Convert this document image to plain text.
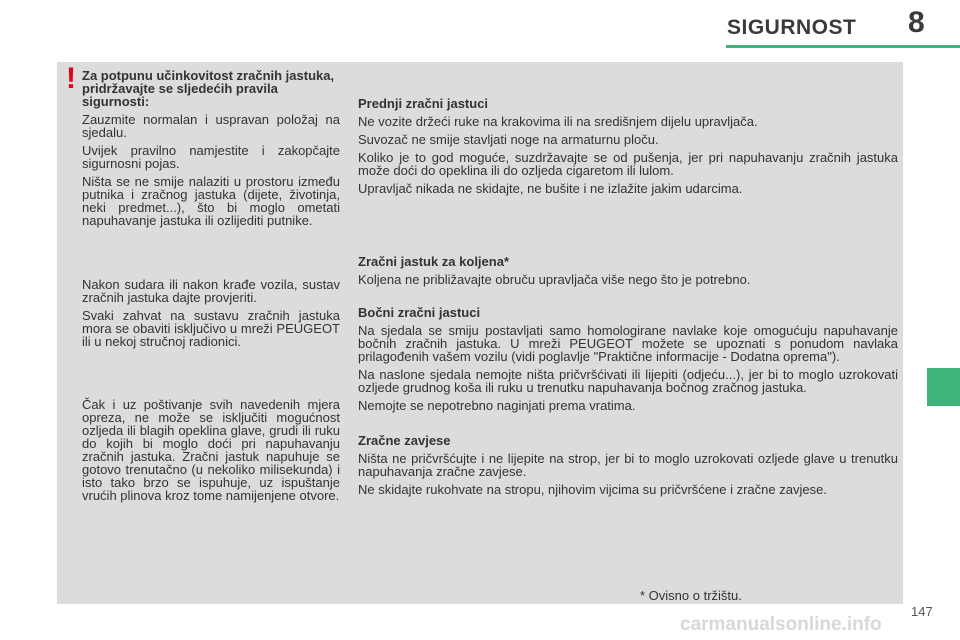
SIGURNOST 8
! Za potpunu učinkovitost zračnih jastuka, pridržavajte se sljedećih pravila sigurnosti:

Zauzmite normalan i uspravan položaj na sjedalu.

Uvijek pravilno namjestite i zakopčajte sigurnosni pojas.

Ništa se ne smije nalaziti u prostoru između putnika i zračnog jastuka (dijete, životinja, neki predmet...), što bi moglo ometati napuhavanje jastuka ili ozlijediti putnike.

Nakon sudara ili nakon krađe vozila, sustav zračnih jastuka dajte provjeriti.

Svaki zahvat na sustavu zračnih jastuka mora se obaviti isključivo u mreži PEUGEOT ili u nekoj stručnoj radionici.

Čak i uz poštivanje svih navedenih mjera opreza, ne može se isključiti mogućnost ozljeda ili blagih opeklina glave, grudi ili ruku do kojih bi moglo doći pri napuhavanju zračnih jastuka. Zračni jastuk napuhuje se gotovo trenutačno (u nekoliko milisekunda) i isto tako brzo se ispuhuje, uz ispuštanje vrućih plinova kroz tome namijenjene otvore.

Prednji zračni jastuci

Ne vozite držeći ruke na krakovima ili na središnjem dijelu upravljača.

Suvozač ne smije stavljati noge na armaturnu ploču.

Koliko je to god moguće, suzdržavajte se od pušenja, jer pri napuhavanju zračnih jastuka može doći do opeklina ili do ozljeda cigaretom ili lulom.

Upravljač nikada ne skidajte, ne bušite i ne izlažite jakim udarcima.

Zračni jastuk za koljena*

Koljena ne približavajte obruču upravljača više nego što je potrebno.

Bočni zračni jastuci

Na sjedala se smiju postavljati samo homologirane navlake koje omogućuju napuhavanje bočnih zračnih jastuka. U mreži PEUGEOT možete se upoznati s ponudom navlaka prilagođenih vašem vozilu (vidi poglavlje "Praktične informacije - Dodatna oprema").

Na naslone sjedala nemojte ništa pričvršćivati ili lijepiti (odjeću...), jer bi to moglo uzrokovati ozljede grudnog koša ili ruku u trenutku napuhavanja bočnog zračnog jastuka.

Nemojte se nepotrebno naginjati prema vratima.

Zračne zavjese

Ništa ne pričvršćujte i ne lijepite na strop, jer bi to moglo uzrokovati ozljede glave u trenutku napuhavanja zračne zavjese.

Ne skidajte rukohvate na stropu, njihovim vijcima su pričvršćene i zračne zavjese.

* Ovisno o tržištu.
147
carmanualsonline.info
